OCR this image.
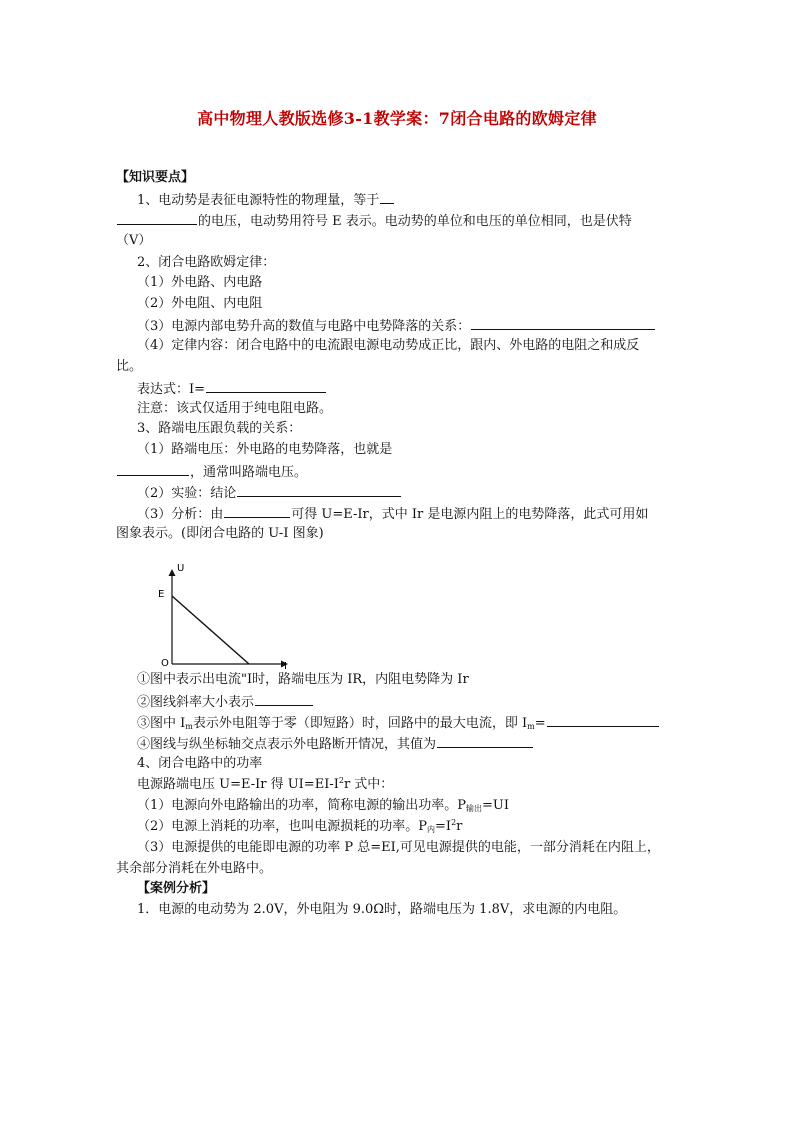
高中物理人教版选修3-1教学案：7闭合电路的欧姆定律
【知识要点】
1、电动势是表征电源特性的物理量，等于
的电压，电动势用符号 E 表示。电动势的单位和电压的单位相同，也是伏特
（V）
2、闭合电路欧姆定律：
（1）外电路、内电路
（2）外电阻、内电阻
（3）电源内部电势升高的数值与电路中电势降落的关系：
（4）定律内容：闭合电路中的电流跟电源电动势成正比，跟内、外电路的电阻之和成反
比。
表达式：I=
注意：该式仅适用于纯电阻电路。
3、路端电压跟负载的关系：
（1）路端电压：外电路的电势降落，也就是
，通常叫路端电压。
（2）实验：结论
（3）分析：由	可得 U=E-Ir，式中 Ir 是电源内阻上的电势降落，此式可用如
图象表示。(即闭合电路的 U-I 图象)
U
I
E
O
①图中表示出电流"I时，路端电压为 IR，内阻电势降为 Ir
②图线斜率大小表示
③图中 $I_m$表示外电阻等于零（即短路）时，回路中的最大电流，即 $I_m=$
④图线与纵坐标轴交点表示外电路断开情况，其值为
4、闭合电路中的功率
电源路端电压 U=E-Ir 得 $UI=EI-I^2r$ 式中：
（1）电源向外电路输出的功率，简称电源的输出功率。$P_{输出}=UI$
（2）电源上消耗的功率，也叫电源损耗的功率。$P_内=I^2r$
（3）电源提供的电能即电源的功率 P 总=EI,可见电源提供的电能，一部分消耗在内阻上，
其余部分消耗在外电路中。
【案例分析】
1．电源的电动势为 2.0V，外电阻为 9.0Ω时，路端电压为 1.8V，求电源的内电阻。
